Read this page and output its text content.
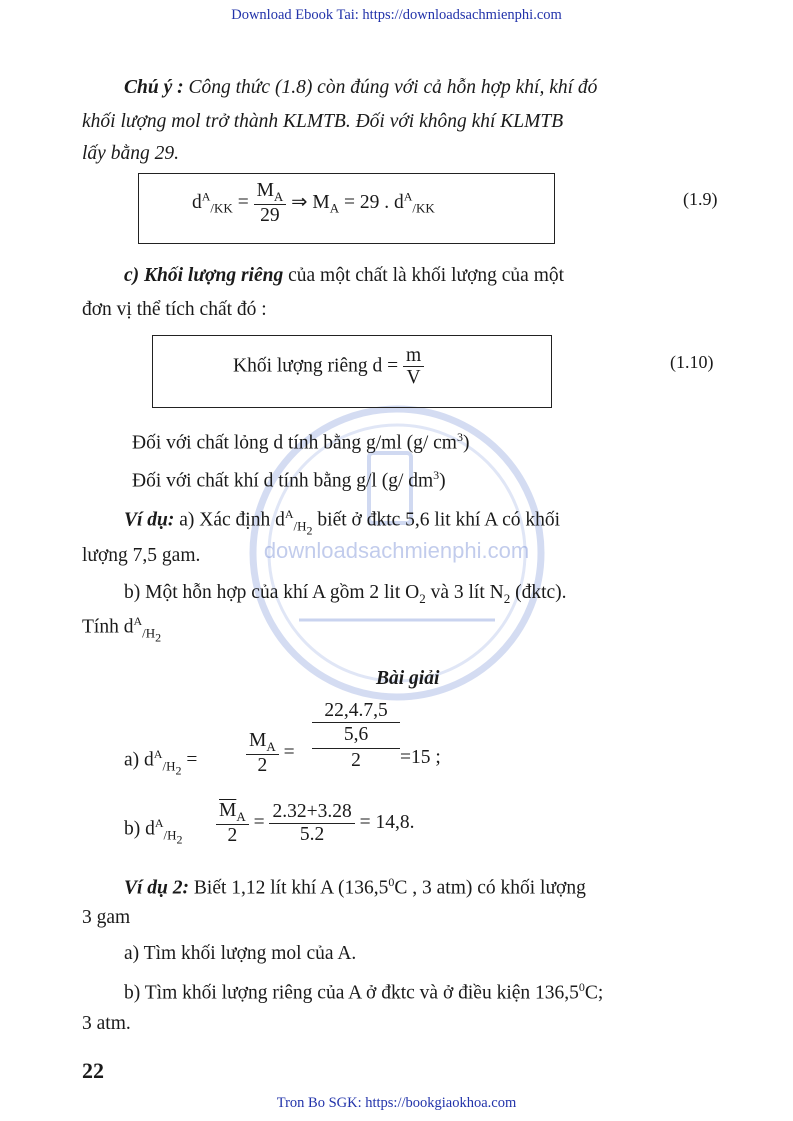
Download Ebook Tai: https://downloadsachmienphi.com
Tron Bo SGK: https://bookgiaokhoa.com
downloadsachmienphi.com
Chú ý : Công thức (1.8) còn đúng với cả hỗn hợp khí, khí đó
khối lượng mol trở thành KLMTB. Đối với không khí KLMTB
lấy bằng 29.
$d^A_{/KK} = \frac{M_A}{29}$ ⇒ $M_A = 29$ . $d^A_{/KK}$	(1.9)
c) Khối lượng riêng của một chất là khối lượng của một
đơn vị thể tích chất đó :
Khối lượng riêng $d = \frac{m}{V}$	(1.10)
Đối với chất lỏng d tính bằng g/ml (g/ $cm^3$)
Đối với chất khí d tính bằng g/l (g/ $dm^3$)
Ví dụ: a) Xác định $d^A_{/H2}$ biết ở đktc 5,6 lit khí A có khối
lượng 7,5 gam.
b) Một hỗn hợp của khí A gồm 2 lit $O_2$ và 3 lít $N_2$ (đktc).
Tính $d^A_{/H2}$
Bài giải
a) $d^A_{/H2} = \frac{M_A}{2}$ =
22,4.7,5
5,6
2	=15 ;
b) $d^A_{/H2} \frac{\overline{M}_A}{2} = \frac{2.32+3.28}{5.2} = 14,8$.
Ví dụ 2: Biết 1,12 lít khí A (136,5$^0$C , 3 atm) có khối lượng
3 gam
a) Tìm khối lượng mol của A.
b) Tìm khối lượng riêng của A ở đktc và ở điều kiện 136,5$^0$C;
3 atm.
22
